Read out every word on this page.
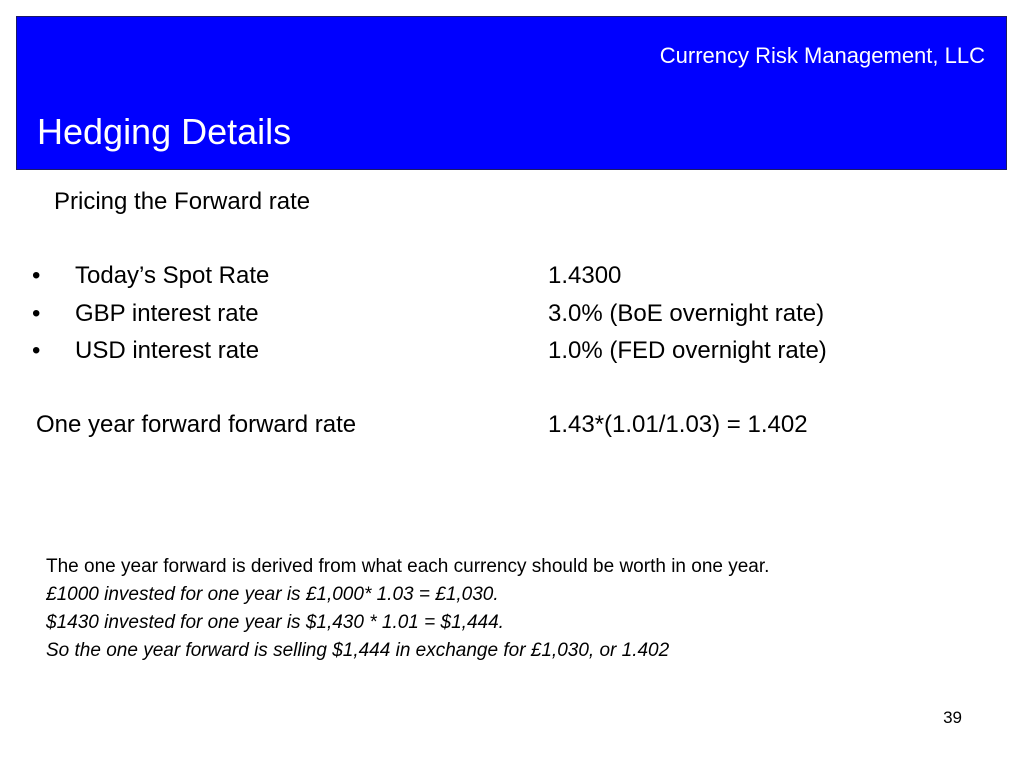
Currency Risk Management, LLC
Hedging Details
Pricing the Forward rate
• Today’s Spot Rate	1.4300
• GBP interest rate	3.0% (BoE overnight rate)
• USD interest rate	1.0% (FED overnight rate)
One year forward forward rate	1.43*(1.01/1.03) = 1.402
The one year forward is derived from what each currency should be worth in one year.
£1000 invested for one year is £1,000* 1.03 = £1,030.
$1430 invested for one year is $1,430 * 1.01 = $1,444.
So the one year forward is selling $1,444 in exchange for £1,030, or 1.402
39
